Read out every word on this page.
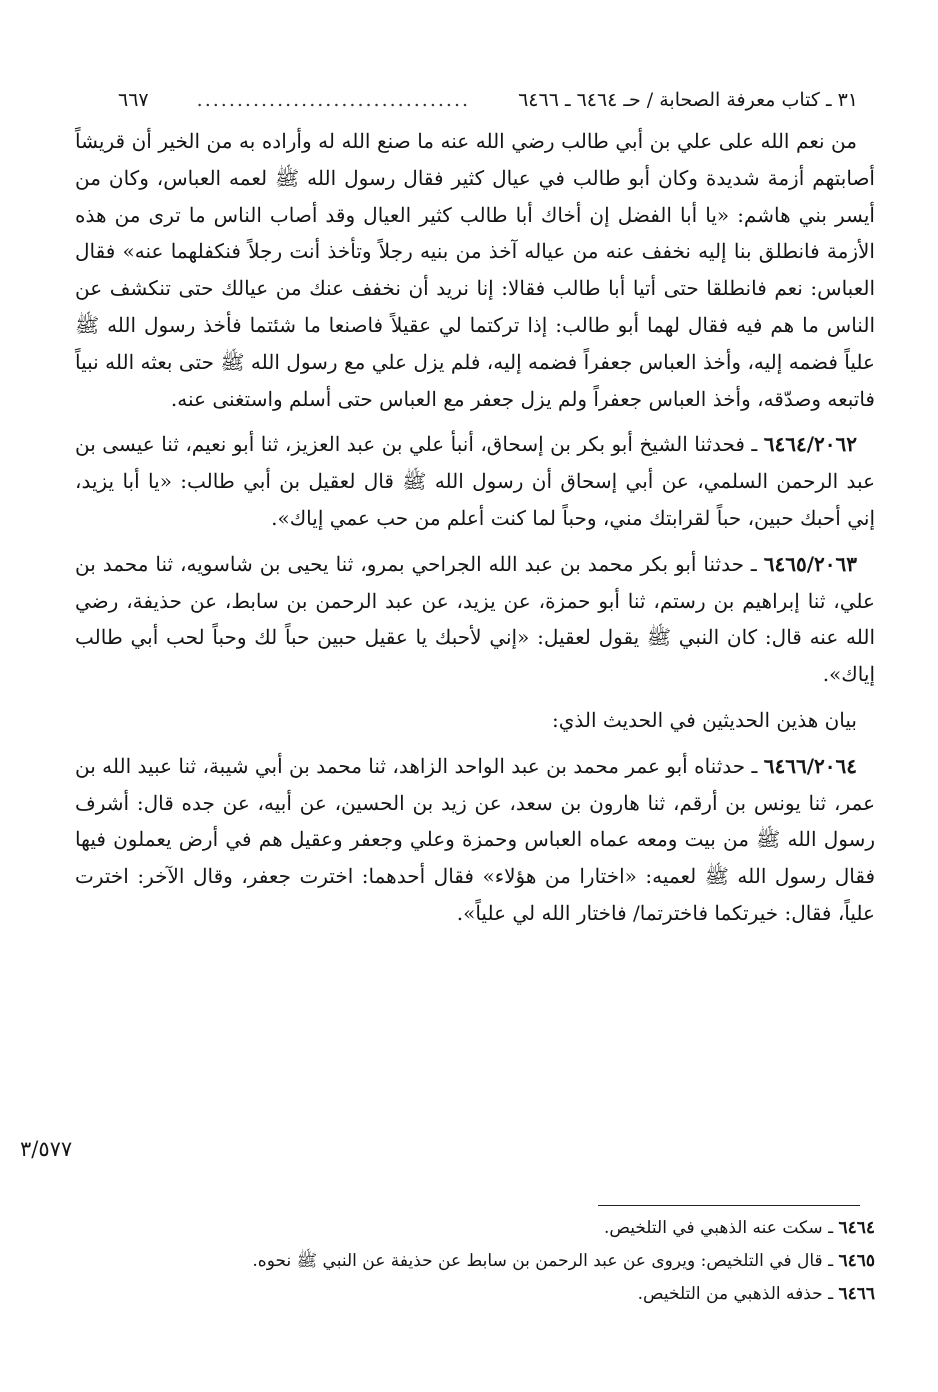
٣١ ـ كتاب معرفة الصحابة / حـ ٦٤٦٤ ـ ٦٤٦٦
..................................
٦٦٧

من نعم الله على علي بن أبي طالب رضي الله عنه ما صنع الله له وأراده به من الخير أن قريشاً أصابتهم أزمة شديدة وكان أبو طالب في عيال كثير فقال رسول الله ﷺ لعمه العباس، وكان من أيسر بني هاشم: «يا أبا الفضل إن أخاك أبا طالب كثير العيال وقد أصاب الناس ما ترى من هذه الأزمة فانطلق بنا إليه نخفف عنه من عياله آخذ من بنيه رجلاً وتأخذ أنت رجلاً فنكفلهما عنه» فقال العباس: نعم فانطلقا حتى أتيا أبا طالب فقالا: إنا نريد أن نخفف عنك من عيالك حتى تنكشف عن الناس ما هم فيه فقال لهما أبو طالب: إذا تركتما لي عقيلاً فاصنعا ما شئتما فأخذ رسول الله ﷺ علياً فضمه إليه، وأخذ العباس جعفراً فضمه إليه، فلم يزل علي مع رسول الله ﷺ حتى بعثه الله نبياً فاتبعه وصدّقه، وأخذ العباس جعفراً ولم يزل جعفر مع العباس حتى أسلم واستغنى عنه.

٦٤٦٤/٢٠٦٢ ـ فحدثنا الشيخ أبو بكر بن إسحاق، أنبأ علي بن عبد العزيز، ثنا أبو نعيم، ثنا عيسى بن عبد الرحمن السلمي، عن أبي إسحاق أن رسول الله ﷺ قال لعقيل بن أبي طالب: «يا أبا يزيد، إني أحبك حبين، حباً لقرابتك مني، وحباً لما كنت أعلم من حب عمي إياك».

٦٤٦٥/٢٠٦٣ ـ حدثنا أبو بكر محمد بن عبد الله الجراحي بمرو، ثنا يحيى بن شاسويه، ثنا محمد بن علي، ثنا إبراهيم بن رستم، ثنا أبو حمزة، عن يزيد، عن عبد الرحمن بن سابط، عن حذيفة، رضي الله عنه قال: كان النبي ﷺ يقول لعقيل: «إني لأحبك يا عقيل حبين حباً لك وحباً لحب أبي طالب إياك».

بيان هذين الحديثين في الحديث الذي:

٦٤٦٦/٢٠٦٤ ـ حدثناه أبو عمر محمد بن عبد الواحد الزاهد، ثنا محمد بن أبي شيبة، ثنا عبيد الله بن عمر، ثنا يونس بن أرقم، ثنا هارون بن سعد، عن زيد بن الحسين، عن أبيه، عن جده قال: أشرف رسول الله ﷺ من بيت ومعه عماه العباس وحمزة وعلي وجعفر وعقيل هم في أرض يعملون فيها فقال رسول الله ﷺ لعميه: «اختارا من هؤلاء» فقال أحدهما: اخترت جعفر، وقال الآخر: اخترت علياً، فقال: خيرتكما فاخترتما/ فاختار الله لي علياً».

٣/٥٧٧

٦٤٦٤ ـ سكت عنه الذهبي في التلخيص.

٦٤٦٥ ـ قال في التلخيص: ويروى عن عبد الرحمن بن سابط عن حذيفة عن النبي ﷺ نحوه.

٦٤٦٦ ـ حذفه الذهبي من التلخيص.
